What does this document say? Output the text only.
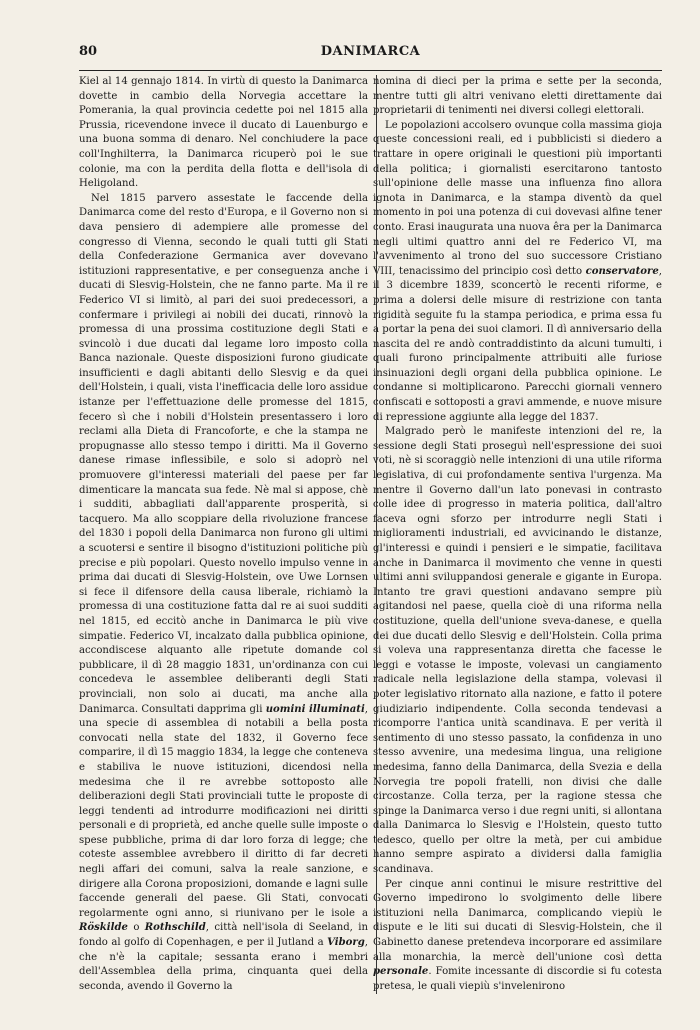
80	DANIMARCA

Kiel al 14 gennajo 1814. In virtù di questo la Danimarca dovette in cambio della Norvegia accettare la Pomerania, la qual provincia cedette poi nel 1815 alla Prussia, ricevendone invece il ducato di Lauenburgo e una buona somma di denaro. Nel conchiudere la pace coll'Inghilterra, la Danimarca ricuperò poi le sue colonie, ma con la perdita della flotta e dell'isola di Heligoland.

Nel 1815 parvero assestate le faccende della Danimarca come del resto d'Europa, e il Governo non si dava pensiero di adempiere alle promesse del congresso di Vienna, secondo le quali tutti gli Stati della Confederazione Germanica aver dovevano istituzioni rappresentative, e per conseguenza anche i ducati di Slesvig-Holstein, che ne fanno parte. Ma il re Federico VI si limitò, al pari dei suoi predecessori, a confermare i privilegi ai nobili dei ducati, rinnovò la promessa di una prossima costituzione degli Stati e svincolò i due ducati dal legame loro imposto colla Banca nazionale. Queste disposizioni furono giudicate insufficienti e dagli abitanti dello Slesvig e da quei dell'Holstein, i quali, vista l'inefficacia delle loro assidue istanze per l'effettuazione delle promesse del 1815, fecero sì che i nobili d'Holstein presentassero i loro reclami alla Dieta di Francoforte, e che la stampa ne propugnasse allo stesso tempo i diritti. Ma il Governo danese rimase inflessibile, e solo si adoprò nel promuovere gl'interessi materiali del paese per far dimenticare la mancata sua fede. Nè mal si appose, chè i sudditi, abbagliati dall'apparente prosperità, si tacquero. Ma allo scoppiare della rivoluzione francese del 1830 i popoli della Danimarca non furono gli ultimi a scuotersi e sentire il bisogno d'istituzioni politiche più precise e più popolari. Questo novello impulso venne in prima dai ducati di Slesvig-Holstein, ove Uwe Lornsen si fece il difensore della causa liberale, richiamò la promessa di una costituzione fatta dal re ai suoi sudditi nel 1815, ed eccitò anche in Danimarca le più vive simpatie. Federico VI, incalzato dalla pubblica opinione, accondiscese alquanto alle ripetute domande col pubblicare, il dì 28 maggio 1831, un'ordinanza con cui concedeva le assemblee deliberanti degli Stati provinciali, non solo ai ducati, ma anche alla Danimarca. Consultati dapprima gli uomini illuminati, una specie di assemblea di notabili a bella posta convocati nella state del 1832, il Governo fece comparire, il dì 15 maggio 1834, la legge che conteneva e stabiliva le nuove istituzioni, dicendosi nella medesima che il re avrebbe sottoposto alle deliberazioni degli Stati provinciali tutte le proposte di leggi tendenti ad introdurre modificazioni nei diritti personali e di proprietà, ed anche quelle sulle imposte o spese pubbliche, prima di dar loro forza di legge; che coteste assemblee avrebbero il diritto di far decreti negli affari dei comuni, salva la reale sanzione, e dirigere alla Corona proposizioni, domande e lagni sulle faccende generali del paese. Gli Stati, convocati regolarmente ogni anno, si riunivano per le isole a Röskilde o Rothschild, città nell'isola di Seeland, in fondo al golfo di Copenhagen, e per il Jutland a Viborg, che n'è la capitale; sessanta erano i membri dell'Assemblea della prima, cinquanta quei della seconda, avendo il Governo la

nomina di dieci per la prima e sette per la seconda, mentre tutti gli altri venivano eletti direttamente dai proprietarii di tenimenti nei diversi collegi elettorali.

Le popolazioni accolsero ovunque colla massima gioja queste concessioni reali, ed i pubblicisti si diedero a trattare in opere originali le questioni più importanti della politica; i giornalisti esercitarono tantosto sull'opinione delle masse una influenza fino allora ignota in Danimarca, e la stampa diventò da quel momento in poi una potenza di cui dovevasi alfine tener conto. Erasi inaugurata una nuova êra per la Danimarca negli ultimi quattro anni del re Federico VI, ma l'avvenimento al trono del suo successore Cristiano VIII, tenacissimo del principio così detto conservatore, il 3 dicembre 1839, sconcertò le recenti riforme, e prima a dolersi delle misure di restrizione con tanta rigidità seguite fu la stampa periodica, e prima essa fu a portar la pena dei suoi clamori. Il dì anniversario della nascita del re andò contraddistinto da alcuni tumulti, i quali furono principalmente attribuiti alle furiose insinuazioni degli organi della pubblica opinione. Le condanne si moltiplicarono. Parecchi giornali vennero confiscati e sottoposti a gravi ammende, e nuove misure di repressione aggiunte alla legge del 1837.

Malgrado però le manifeste intenzioni del re, la sessione degli Stati proseguì nell'espressione dei suoi voti, nè si scoraggiò nelle intenzioni di una utile riforma legislativa, di cui profondamente sentiva l'urgenza. Ma mentre il Governo dall'un lato ponevasi in contrasto colle idee di progresso in materia politica, dall'altro faceva ogni sforzo per introdurre negli Stati i miglioramenti industriali, ed avvicinando le distanze, gl'interessi e quindi i pensieri e le simpatie, facilitava anche in Danimarca il movimento che venne in questi ultimi anni sviluppandosi generale e gigante in Europa. Intanto tre gravi questioni andavano sempre più agitandosi nel paese, quella cioè di una riforma nella costituzione, quella dell'unione sveva-danese, e quella dei due ducati dello Slesvig e dell'Holstein. Colla prima si voleva una rappresentanza diretta che facesse le leggi e votasse le imposte, volevasi un cangiamento radicale nella legislazione della stampa, volevasi il poter legislativo ritornato alla nazione, e fatto il potere giudiziario indipendente. Colla seconda tendevasi a ricomporre l'antica unità scandinava. E per verità il sentimento di uno stesso passato, la confidenza in uno stesso avvenire, una medesima lingua, una religione medesima, fanno della Danimarca, della Svezia e della Norvegia tre popoli fratelli, non divisi che dalle circostanze. Colla terza, per la ragione stessa che spinge la Danimarca verso i due regni uniti, si allontana dalla Danimarca lo Slesvig e l'Holstein, questo tutto tedesco, quello per oltre la metà, per cui ambidue hanno sempre aspirato a dividersi dalla famiglia scandinava.

Per cinque anni continui le misure restrittive del Governo impedirono lo svolgimento delle libere istituzioni nella Danimarca, complicando viepiù le dispute e le liti sui ducati di Slesvig-Holstein, che il Gabinetto danese pretendeva incorporare ed assimilare alla monarchia, la mercè dell'unione così detta personale. Fomite incessante di discordie si fu cotesta pretesa, le quali viepiù s'invelenirono
